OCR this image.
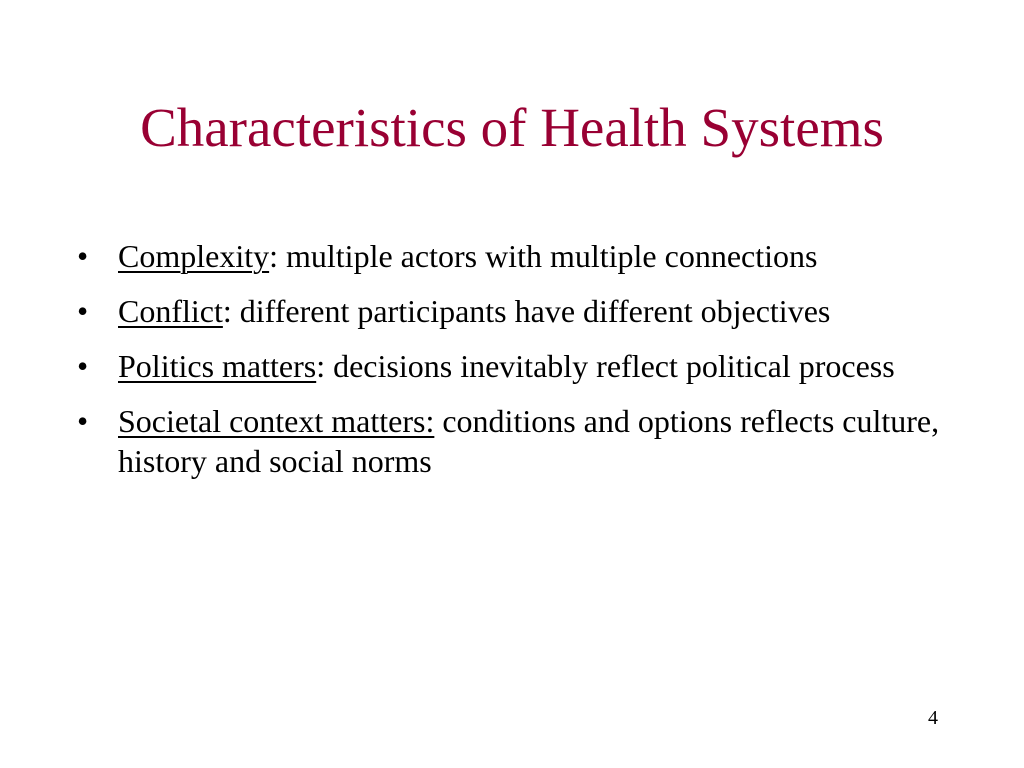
Characteristics of Health Systems
• Complexity: multiple actors with multiple connections
• Conflict: different participants have different objectives
• Politics matters: decisions inevitably reflect political process
• Societal context matters: conditions and options reflects culture, history and social norms
4
